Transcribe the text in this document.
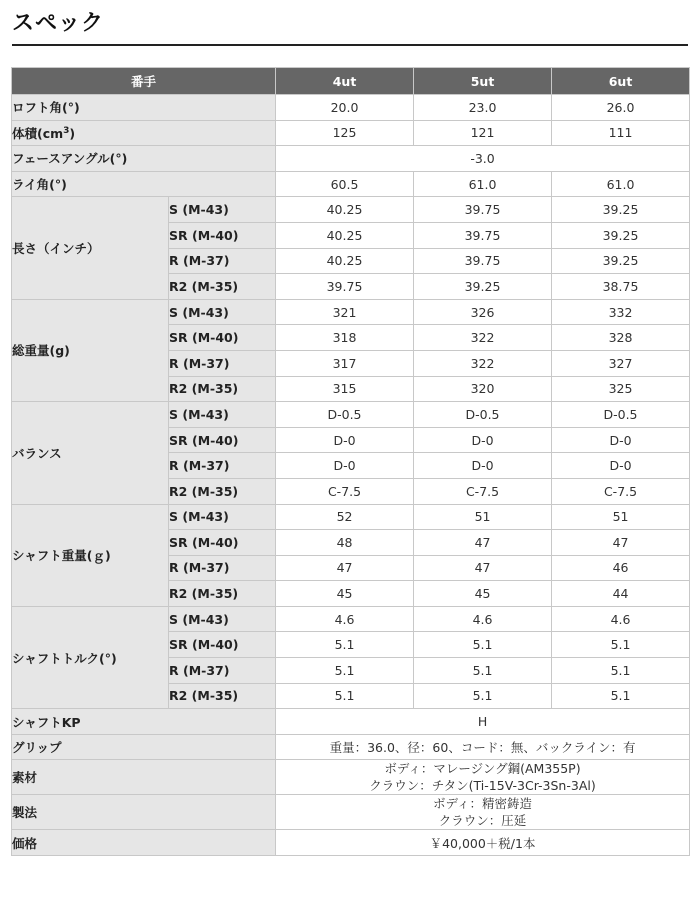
スペック
番手		4ut	5ut	6ut
ロフト角(°)		20.0	23.0	26.0
体積$(cm^3)$		125	121	111
フェースアングル(°)		-3.0		
ライ角(°)		60.5	61.0	61.0
長さ（インチ）	S (M-43)	40.25	39.75	39.25
	SR (M-40)	40.25	39.75	39.25
	R (M-37)	40.25	39.75	39.25
	R2 (M-35)	39.75	39.25	38.75
総重量(g)	S (M-43)	321	326	332
	SR (M-40)	318	322	328
	R (M-37)	317	322	327
	R2 (M-35)	315	320	325
バランス	S (M-43)	D-0.5	D-0.5	D-0.5
	SR (M-40)	D-0	D-0	D-0
	R (M-37)	D-0	D-0	D-0
	R2 (M-35)	C-7.5	C-7.5	C-7.5
シャフト重量(ｇ)	S (M-43)	52	51	51
	SR (M-40)	48	47	47
	R (M-37)	47	47	46
	R2 (M-35)	45	45	44
シャフトトルク(°)	S (M-43)	4.6	4.6	4.6
	SR (M-40)	5.1	5.1	5.1
	R (M-37)	5.1	5.1	5.1
	R2 (M-35)	5.1	5.1	5.1
シャフトKP		H		
グリップ		重量：36.0、径：60、コード：無、バックライン：有		
素材		ボディ：マレージング鋼(AM355P)
クラウン：チタン(Ti-15V-3Cr-3Sn-3Al)		

製法		ボディ：精密鋳造
クラウン：圧延		

価格		￥40,000＋税/1本		
